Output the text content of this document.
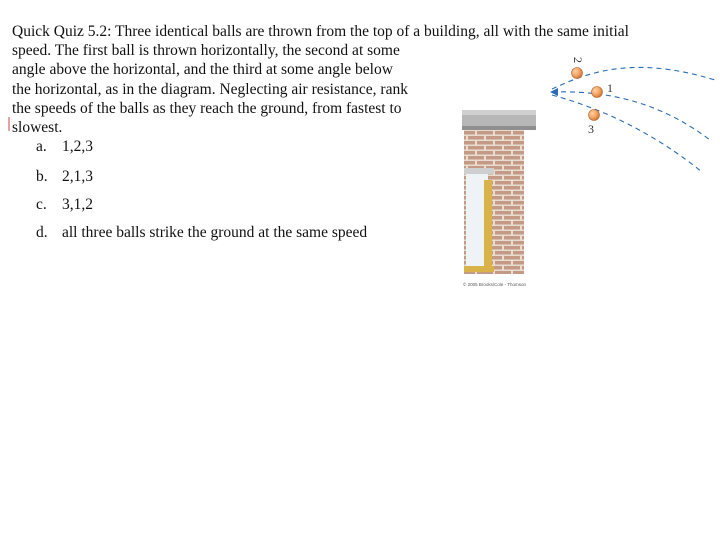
Quick Quiz 5.2: Three identical balls are thrown from the top of a building, all with the same initial
speed. The first ball is thrown horizontally, the second at some
angle above the horizontal, and the third at some angle below
the horizontal, as in the diagram. Neglecting air resistance, rank
the speeds of the balls as they reach the ground, from fastest to
slowest.

a. 1,2,3
b. 2,1,3
c. 3,1,2
d. all three balls strike the ground at the same speed
2
1
3
© 2005 Brooks/Cole - Thomson
